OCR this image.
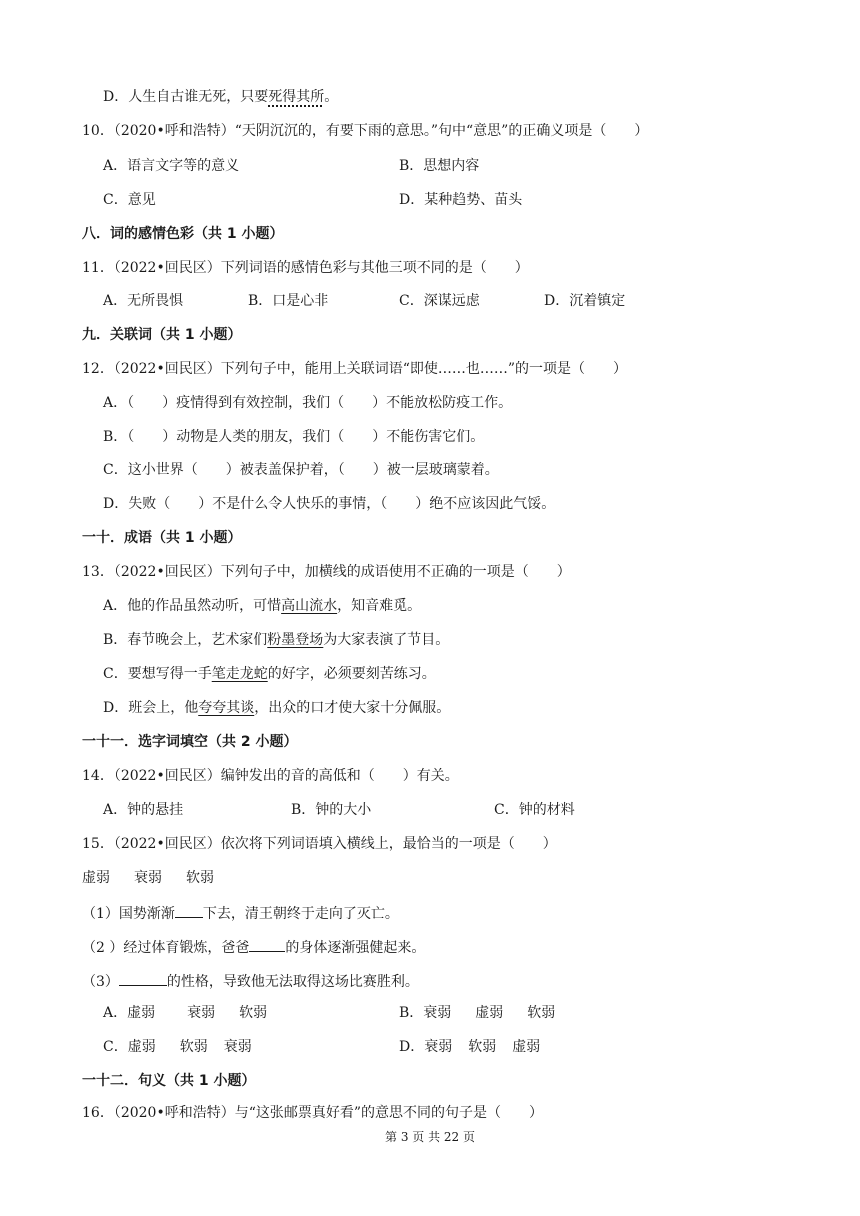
D．人生自古谁无死，只要死得其所。
10．（2020•呼和浩特）“天阴沉沉的，有要下雨的意思。”句中“意思”的正确义项是（　　）
A．语言文字等的意义	B．思想内容
C．意见	D．某种趋势、苗头
八．词的感情色彩（共 1 小题）
11．（2022•回民区）下列词语的感情色彩与其他三项不同的是（　　）
A．无所畏惧	B．口是心非	C．深谋远虑	D．沉着镇定
九．关联词（共 1 小题）
12．（2022•回民区）下列句子中，能用上关联词语“即使……也……”的一项是（　　）
A．（　　）疫情得到有效控制，我们（　　）不能放松防疫工作。
B．（　　）动物是人类的朋友，我们（　　）不能伤害它们。
C．这小世界（　　）被表盖保护着，（　　）被一层玻璃蒙着。
D．失败（　　）不是什么令人快乐的事情，（　　）绝不应该因此气馁。
一十．成语（共 1 小题）
13．（2022•回民区）下列句子中，加横线的成语使用不正确的一项是（　　）
A．他的作品虽然动听，可惜高山流水，知音难觅。
B．春节晚会上，艺术家们粉墨登场为大家表演了节目。
C．要想写得一手笔走龙蛇的好字，必须要刻苦练习。
D．班会上，他夸夸其谈，出众的口才使大家十分佩服。
一十一．选字词填空（共 2 小题）
14．（2022•回民区）编钟发出的音的高低和（　　）有关。
A．钟的悬挂	B．钟的大小	C．钟的材料
15．（2022•回民区）依次将下列词语填入横线上，最恰当的一项是（　　）
虚弱 衰弱 软弱
（1）国势渐渐 下去，清王朝终于走向了灭亡。
（2 ）经过体育锻炼，爸爸	的身体逐渐强健起来。
（3）	的性格，导致他无法取得这场比赛胜利。
A．虚弱 衰弱 软弱	B．衰弱 虚弱 软弱
C．虚弱 软弱 衰弱	D．衰弱 软弱 虚弱
一十二．句义（共 1 小题）
16．（2020•呼和浩特）与“这张邮票真好看”的意思不同的句子是（　　）
第 3 页 共 22 页
